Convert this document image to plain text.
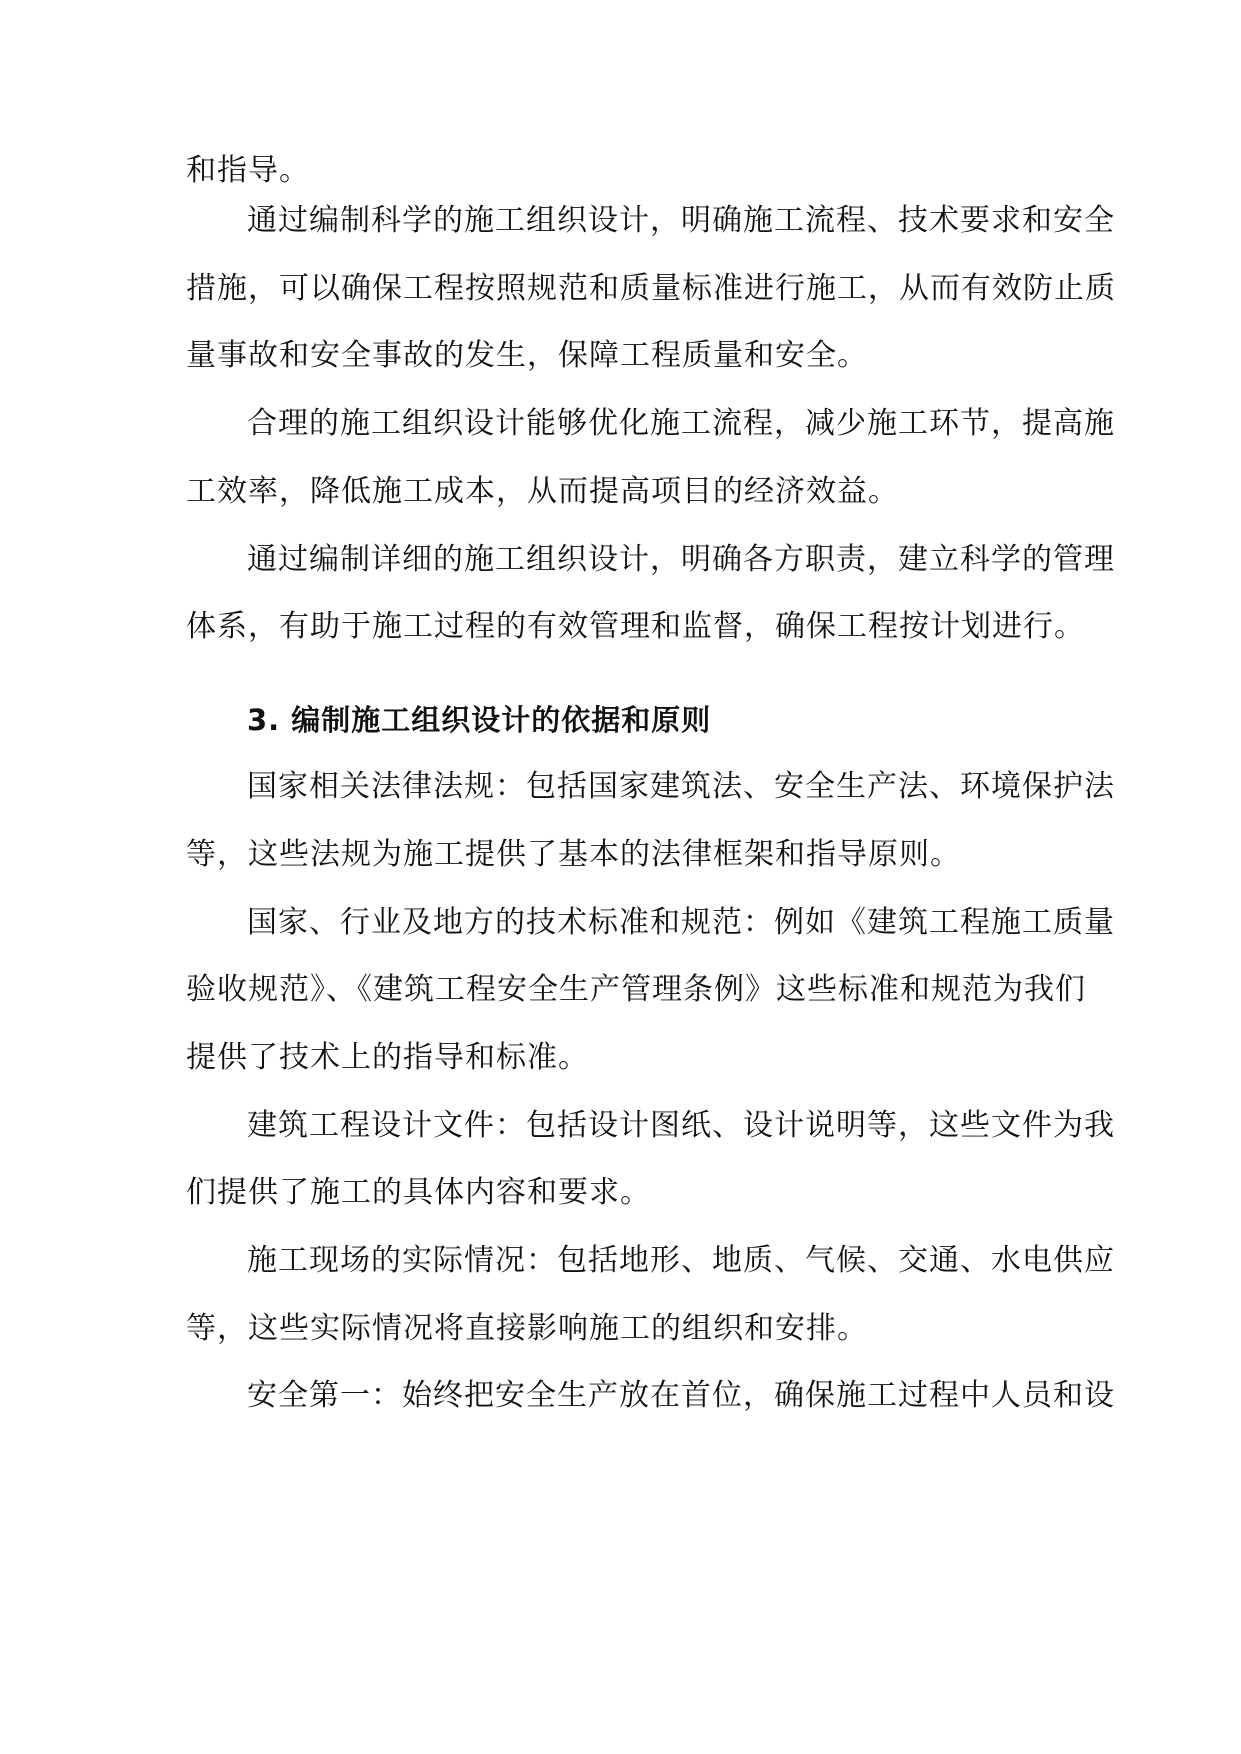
和指导。
通过编制科学的施工组织设计，明确施工流程、技术要求和安全
措施，可以确保工程按照规范和质量标准进行施工，从而有效防止质
量事故和安全事故的发生，保障工程质量和安全。
合理的施工组织设计能够优化施工流程，减少施工环节，提高施
工效率，降低施工成本，从而提高项目的经济效益。
通过编制详细的施工组织设计，明确各方职责，建立科学的管理
体系，有助于施工过程的有效管理和监督，确保工程按计划进行。
3. 编制施工组织设计的依据和原则
国家相关法律法规：包括国家建筑法、安全生产法、环境保护法
等，这些法规为施工提供了基本的法律框架和指导原则。
国家、行业及地方的技术标准和规范：例如《建筑工程施工质量
验收规范》、《建筑工程安全生产管理条例》这些标准和规范为我们
提供了技术上的指导和标准。
建筑工程设计文件：包括设计图纸、设计说明等，这些文件为我
们提供了施工的具体内容和要求。
施工现场的实际情况：包括地形、地质、气候、交通、水电供应
等，这些实际情况将直接影响施工的组织和安排。
安全第一：始终把安全生产放在首位，确保施工过程中人员和设
